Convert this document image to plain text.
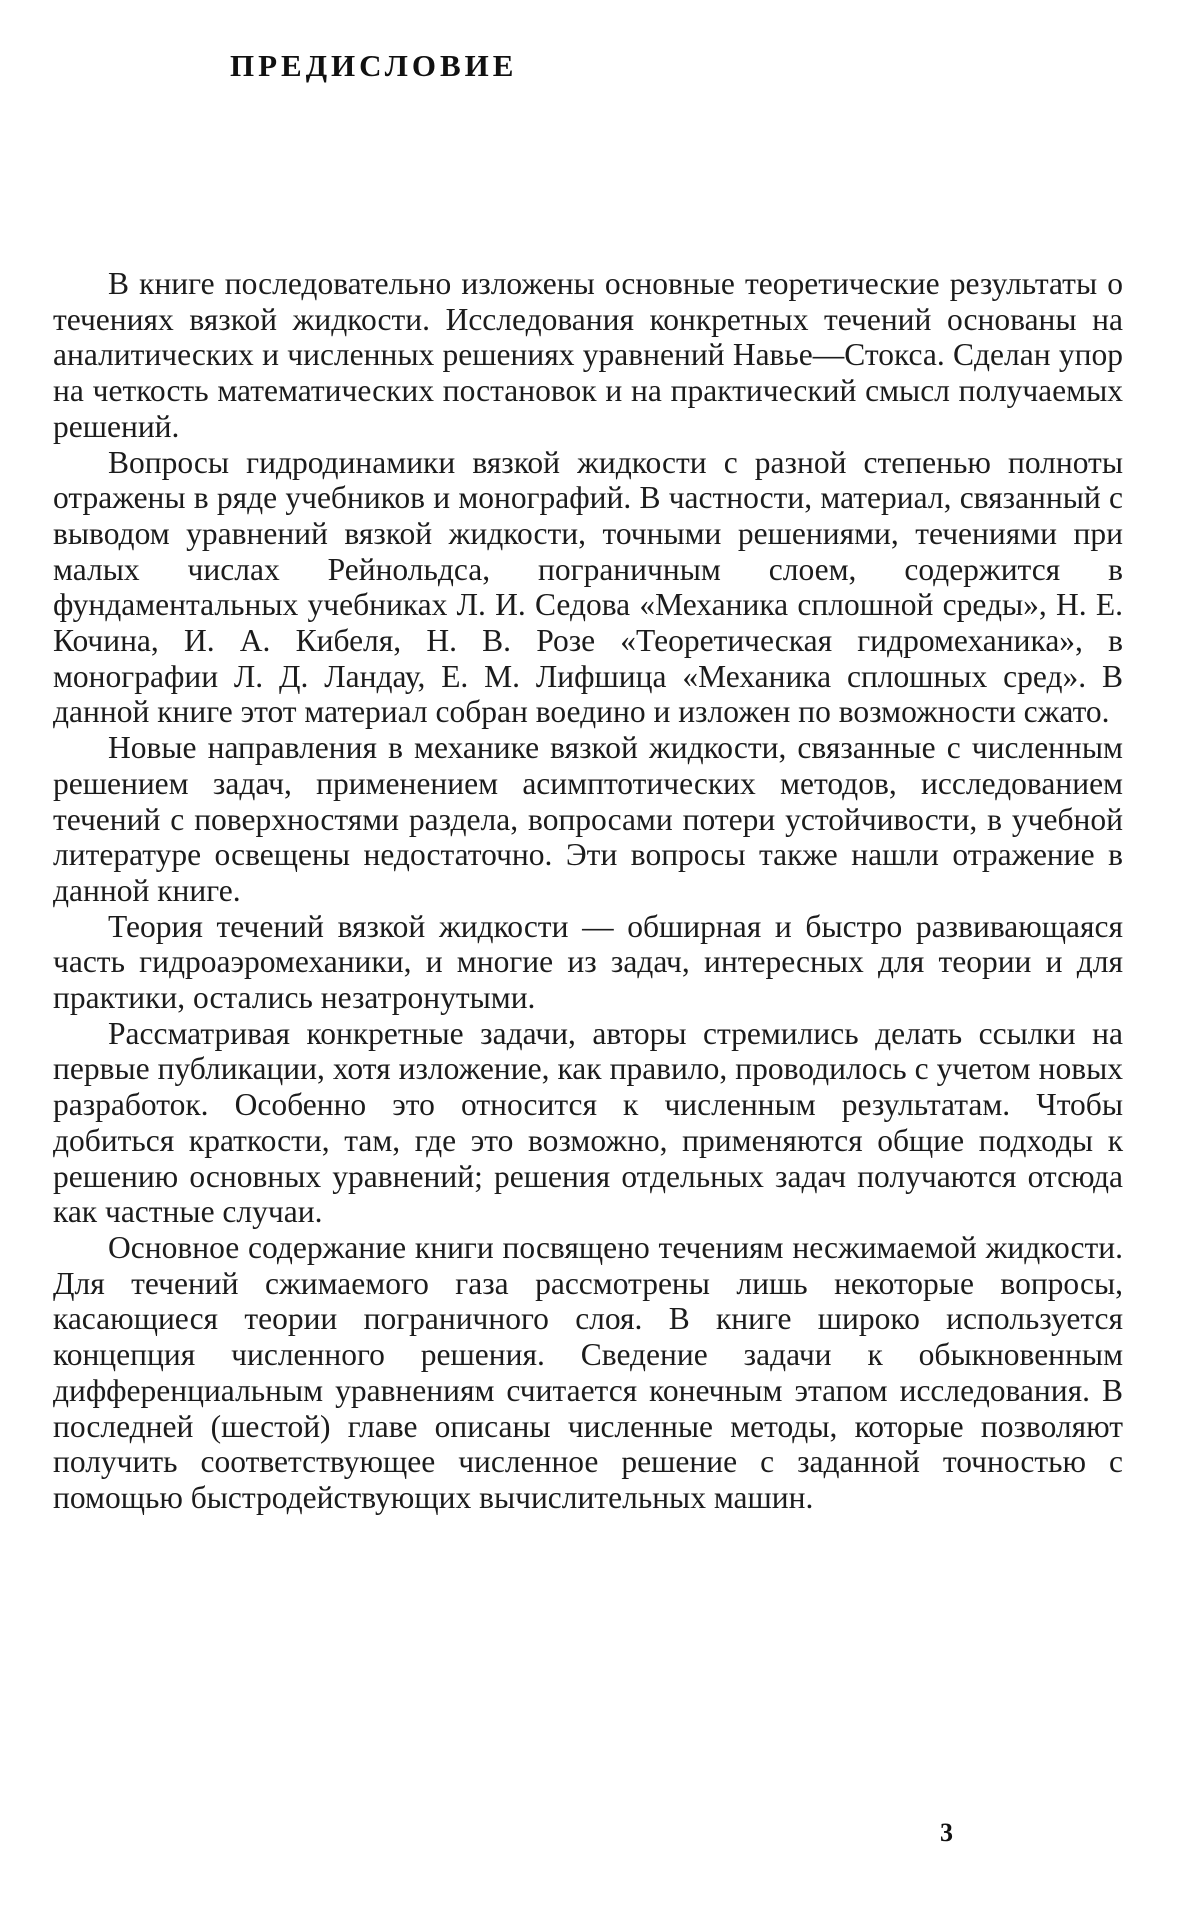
ПРЕДИСЛОВИЕ

В книге последовательно изложены основные теоретические результаты о течениях вязкой жидкости. Исследования конкретных течений основаны на аналитических и численных решениях уравнений Навье—Стокса. Сделан упор на четкость математических постановок и на практический смысл получаемых решений.

Вопросы гидродинамики вязкой жидкости с разной степенью полноты отражены в ряде учебников и монографий. В частности, материал, связанный с выводом уравнений вязкой жидкости, точными решениями, течениями при малых числах Рейнольдса, пограничным слоем, содержится в фундаментальных учебниках Л. И. Седова «Механика сплошной среды», Н. Е. Кочина, И. А. Кибеля, Н. В. Розе «Теоретическая гидромеханика», в монографии Л. Д. Ландау, Е. М. Лифшица «Механика сплошных сред». В данной книге этот материал собран воедино и изложен по возможности сжато.

Новые направления в механике вязкой жидкости, связанные с численным решением задач, применением асимптотических методов, исследованием течений с поверхностями раздела, вопросами потери устойчивости, в учебной литературе освещены недостаточно. Эти вопросы также нашли отражение в данной книге.

Теория течений вязкой жидкости — обширная и быстро развивающаяся часть гидроаэромеханики, и многие из задач, интересных для теории и для практики, остались незатронутыми.

Рассматривая конкретные задачи, авторы стремились делать ссылки на первые публикации, хотя изложение, как правило, проводилось с учетом новых разработок. Особенно это относится к численным результатам. Чтобы добиться краткости, там, где это возможно, применяются общие подходы к решению основных уравнений; решения отдельных задач получаются отсюда как частные случаи.

Основное содержание книги посвящено течениям несжимаемой жидкости. Для течений сжимаемого газа рассмотрены лишь некоторые вопросы, касающиеся теории пограничного слоя. В книге широко используется концепция численного решения. Сведение задачи к обыкновенным дифференциальным уравнениям считается конечным этапом исследования. В последней (шестой) главе описаны численные методы, которые позволяют получить соответствующее численное решение с заданной точностью с помощью быстродействующих вычислительных машин.

3
